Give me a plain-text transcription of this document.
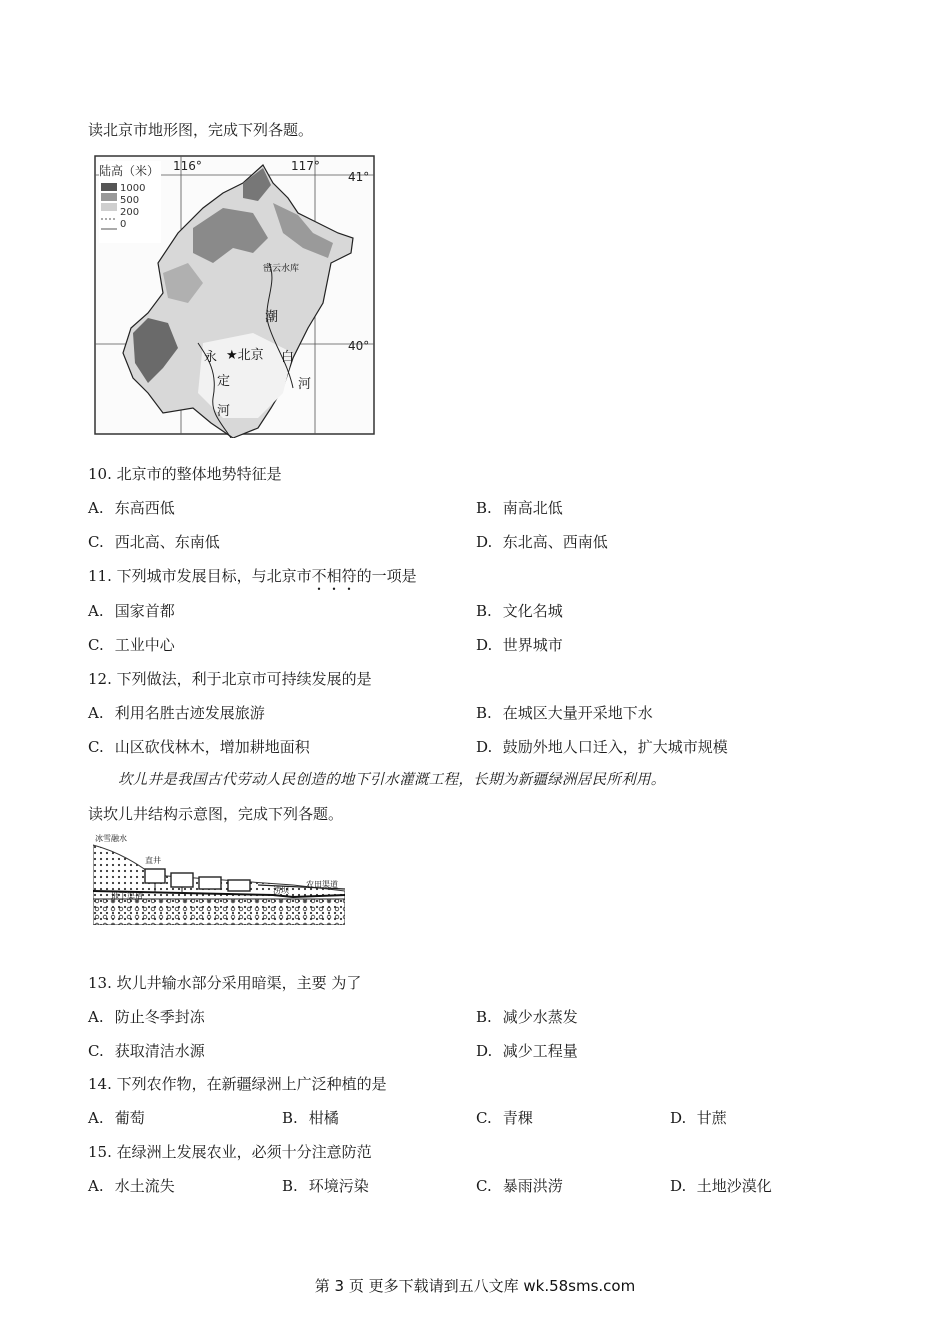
读北京市地形图，完成下列各题。
陆高（米）
1000
500
200
0
116°	117°
41°
40°
密云水库
★北京
潮
白
河
永
定
河
10. 北京市的整体地势特征是
A. 东高西低	B. 南高北低
C. 西北高、东南低	D. 东北高、西南低
11. 下列城市发展目标，与北京市不相符的一项是
A. 国家首都	B. 文化名城
C. 工业中心	D. 世界城市
12. 下列做法，利于北京市可持续发展的是
A. 利用名胜古迹发展旅游	B. 在城区大量开采地下水
C. 山区砍伐林木，增加耕地面积	D. 鼓励外地人口迁入，扩大城市规模
坎儿井是我国古代劳动人民创造的地下引水灌溉工程，长期为新疆绿洲居民所利用。
读坎儿井结构示意图，完成下列各题。
冰雪融水
直井
地下渠道
涝坝
农田渠道
13. 坎儿井输水部分采用暗渠，主要 为了
A. 防止冬季封冻	B. 减少水蒸发
C. 获取清洁水源	D. 减少工程量
14. 下列农作物，在新疆绿洲上广泛种植的是
A. 葡萄	B. 柑橘	C. 青稞	D. 甘蔗
15. 在绿洲上发展农业，必须十分注意防范
A. 水土流失	B. 环境污染	C. 暴雨洪涝	D. 土地沙漠化
第 3 页 更多下载请到五八文库 wk.58sms.com
